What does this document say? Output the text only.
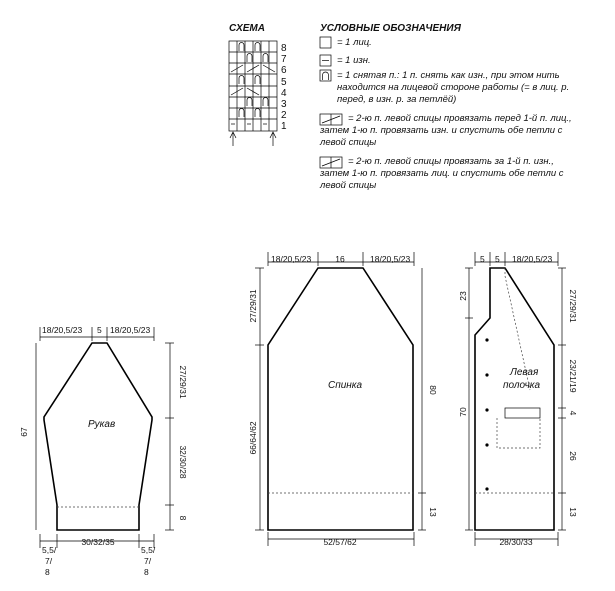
СХЕМА
8
7
6
5
4
3
2
1
УСЛОВНЫЕ ОБОЗНАЧЕНИЯ
Рукав
18/20,5/23 5 18/20,5/23
27/29/31
32/30/28
8
67
30/32/35
5,5/
7/
8
5,5/
7/
8
Спинка
18/20,5/23	16	18/20,5/23
27/29/31
66/64/62
80
13
52/57/62
Левая
полочка
5 5 18/20,5/23
23
70
27/29/31
23/21/19
4
26
13
28/30/33
= 1 лиц.
= 1 изн.
= 1 снятая п.: 1 п. снять как изн., при этом нить
находится на лицевой стороне работы (= в лиц. р.
перед, в изн. р. за петлёй)
= 2-ю п. левой спицы провязать перед 1-й п. лиц.,
затем 1-ю п. провязать изн. и спустить обе петли с
левой спицы
= 2-ю п. левой спицы провязать за 1-й п. изн.,
затем 1-ю п. провязать лиц. и спустить обе петли с
левой спицы
